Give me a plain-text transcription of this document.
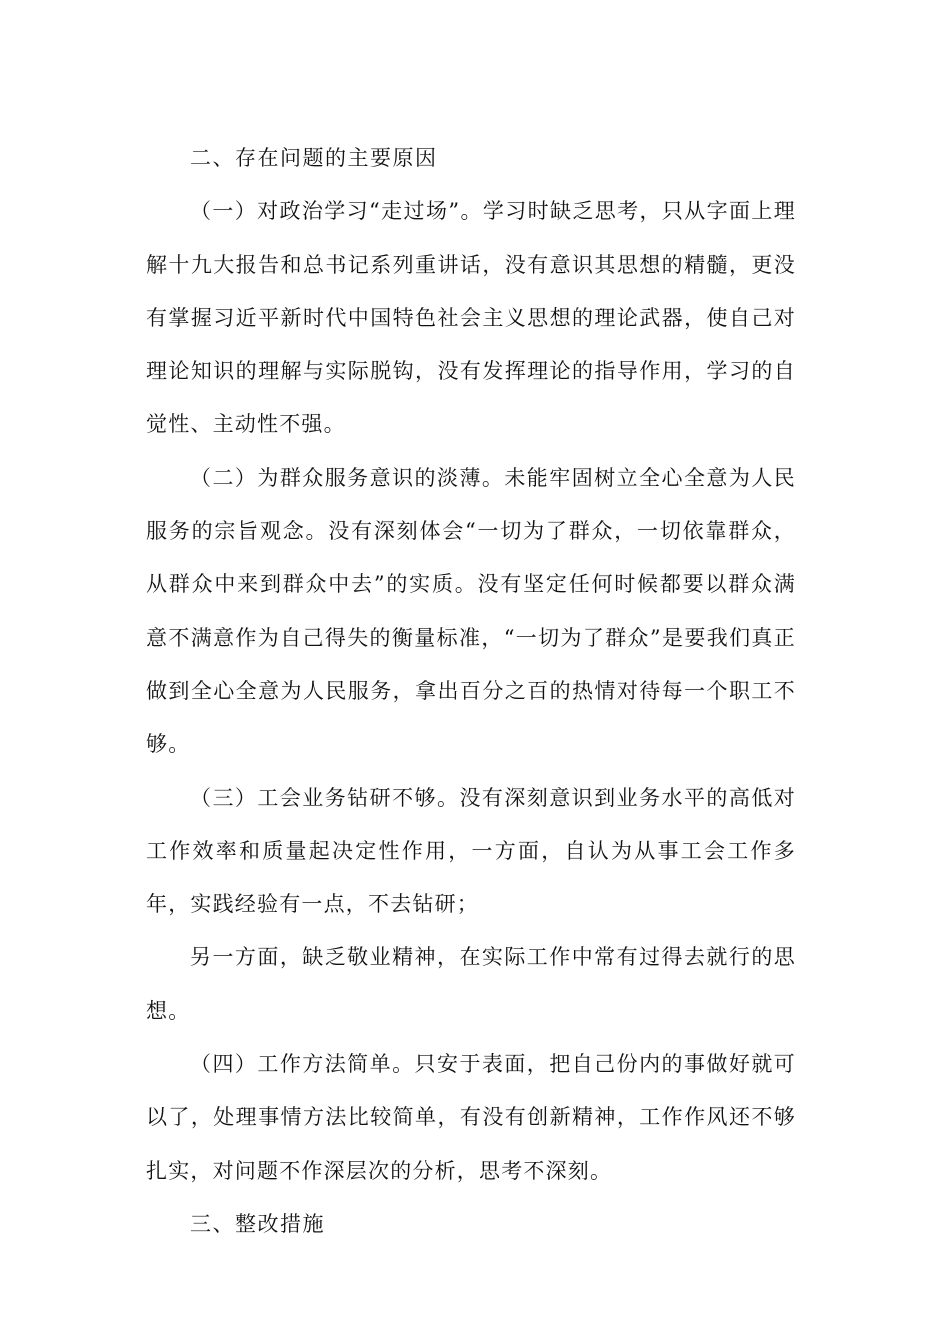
二、存在问题的主要原因

（一）对政治学习“走过场”。学习时缺乏思考，只从字面上理解十九大报告和总书记系列重讲话，没有意识其思想的精髓，更没有掌握习近平新时代中国特色社会主义思想的理论武器，使自己对理论知识的理解与实际脱钩，没有发挥理论的指导作用，学习的自觉性、主动性不强。

（二）为群众服务意识的淡薄。未能牢固树立全心全意为人民服务的宗旨观念。没有深刻体会“一切为了群众，一切依靠群众，从群众中来到群众中去”的实质。没有坚定任何时候都要以群众满意不满意作为自己得失的衡量标准，“一切为了群众”是要我们真正做到全心全意为人民服务，拿出百分之百的热情对待每一个职工不够。

（三）工会业务钻研不够。没有深刻意识到业务水平的高低对工作效率和质量起决定性作用，一方面，自认为从事工会工作多年，实践经验有一点，不去钻研；

另一方面，缺乏敬业精神，在实际工作中常有过得去就行的思想。

（四）工作方法简单。只安于表面，把自己份内的事做好就可以了，处理事情方法比较简单，有没有创新精神，工作作风还不够扎实，对问题不作深层次的分析，思考不深刻。

三、整改措施
